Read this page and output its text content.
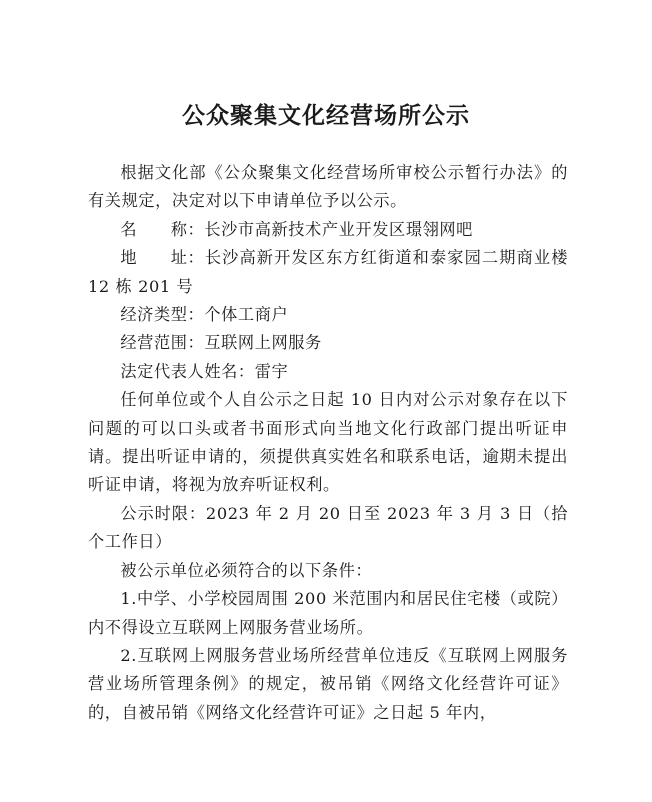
公众聚集文化经营场所公示

根据文化部《公众聚集文化经营场所审校公示暂行办法》的有关规定，决定对以下申请单位予以公示。

名　　称：长沙市高新技术产业开发区璟翎网吧

地　　址：长沙高新开发区东方红街道和泰家园二期商业楼 12 栋 201 号

经济类型：个体工商户

经营范围：互联网上网服务

法定代表人姓名：雷宇

任何单位或个人自公示之日起 10 日内对公示对象存在以下问题的可以口头或者书面形式向当地文化行政部门提出听证申请。提出听证申请的，须提供真实姓名和联系电话，逾期未提出听证申请，将视为放弃听证权利。

公示时限：2023 年 2 月 20 日至 2023 年 3 月 3 日（拾个工作日）

被公示单位必须符合的以下条件：

1.中学、小学校园周围 200 米范围内和居民住宅楼（或院）内不得设立互联网上网服务营业场所。

2.互联网上网服务营业场所经营单位违反《互联网上网服务营业场所管理条例》的规定，被吊销《网络文化经营许可证》的，自被吊销《网络文化经营许可证》之日起 5 年内，
